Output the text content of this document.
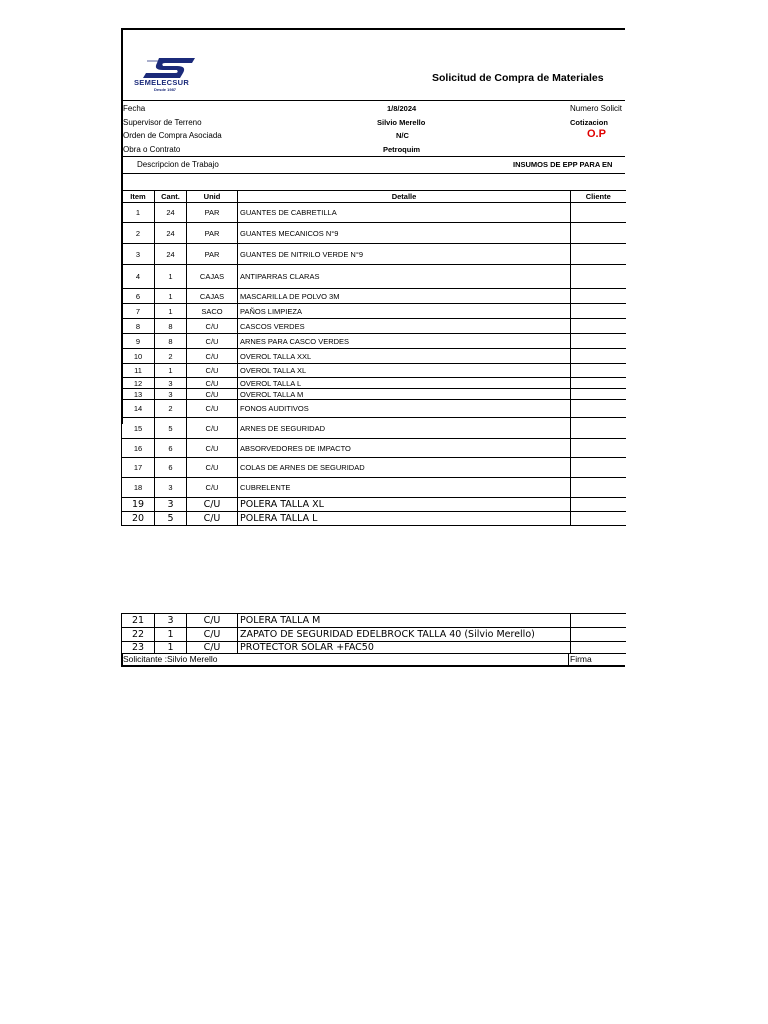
SEMELECSUR
Desde 1987
Solicitud de Compra de Materiales
Fecha	1/8/2024	Numero Solicit
Supervisor de Terreno	Silvio Merello	Cotizacion
Orden de Compra Asociada	N/C	O.P
Obra o Contrato	Petroquim
Descripcion de Trabajo	INSUMOS DE EPP PARA EN
Item	Cant.	Unid	Detalle	Cliente
1	24	PAR	GUANTES DE CABRETILLA	
2	24	PAR	GUANTES MECANICOS N°9	
3	24	PAR	GUANTES DE NITRILO VERDE N°9	
4	1	CAJAS	ANTIPARRAS CLARAS	
6	1	CAJAS	MASCARILLA DE POLVO 3M	
7	1	SACO	PAÑOS LIMPIEZA	
8	8	C/U	CASCOS VERDES	
9	8	C/U	ARNES PARA CASCO VERDES	
10	2	C/U	OVEROL TALLA XXL	
11	1	C/U	OVEROL TALLA XL	
12	3	C/U	OVEROL TALLA L	
13	3	C/U	OVEROL TALLA M	
14	2	C/U	FONOS AUDITIVOS	
15	5	C/U	ARNES DE SEGURIDAD	
16	6	C/U	ABSORVEDORES DE IMPACTO	
17	6	C/U	COLAS DE ARNES DE SEGURIDAD	
18	3	C/U	CUBRELENTE	
19	3	C/U	POLERA TALLA XL	
20	5	C/U	POLERA TALLA L	
21	3	C/U	POLERA TALLA M	
22	1	C/U	ZAPATO DE SEGURIDAD EDELBROCK TALLA 40 (Silvio Merello)	
23	1	C/U	PROTECTOR SOLAR +FAC50	
Solicitante :Silvio Merello	Firma
